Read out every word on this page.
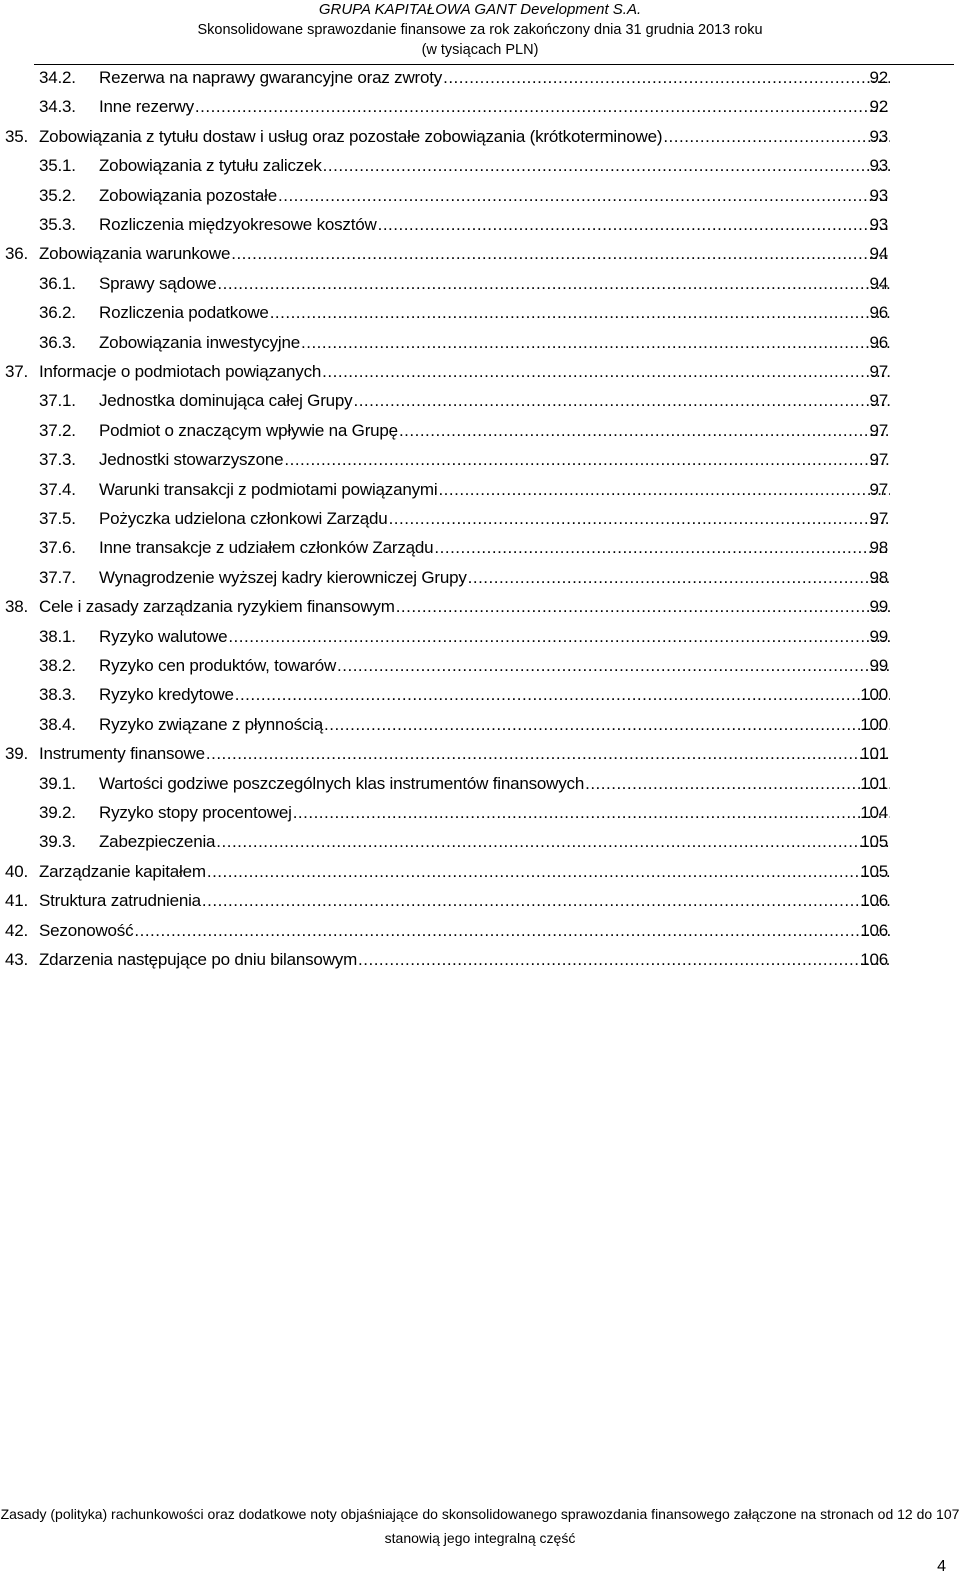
GRUPA KAPITAŁOWA GANT Development S.A.
Skonsolidowane sprawozdanie finansowe za rok zakończony dnia 31 grudnia 2013 roku
(w tysiącach PLN)
34.2. Rezerwa na naprawy gwarancyjne oraz zwroty .....	92
34.3. Inne rezerwy .....	92
35. Zobowiązania z tytułu dostaw i usług oraz pozostałe zobowiązania (krótkoterminowe) .....	93
35.1. Zobowiązania z tytułu zaliczek .....	93
35.2. Zobowiązania pozostałe .....	93
35.3. Rozliczenia międzyokresowe kosztów .....	93
36. Zobowiązania warunkowe .....	94
36.1. Sprawy sądowe .....	94
36.2. Rozliczenia podatkowe .....	96
36.3. Zobowiązania inwestycyjne .....	96
37. Informacje o podmiotach powiązanych .....	97
37.1. Jednostka dominująca całej Grupy .....	97
37.2. Podmiot o znaczącym wpływie na Grupę .....	97
37.3. Jednostki stowarzyszone .....	97
37.4. Warunki transakcji z podmiotami powiązanymi .....	97
37.5. Pożyczka udzielona członkowi Zarządu .....	97
37.6. Inne transakcje z udziałem członków Zarządu .....	98
37.7. Wynagrodzenie wyższej kadry kierowniczej Grupy .....	98
38. Cele i zasady zarządzania ryzykiem finansowym .....	99
38.1. Ryzyko walutowe .....	99
38.2. Ryzyko cen produktów, towarów .....	99
38.3. Ryzyko kredytowe .....	100
38.4. Ryzyko związane z płynnością .....	100
39. Instrumenty finansowe .....	101
39.1. Wartości godziwe poszczególnych klas instrumentów finansowych .....	101
39.2. Ryzyko stopy procentowej .....	104
39.3. Zabezpieczenia .....	105
40. Zarządzanie kapitałem .....	105
41. Struktura zatrudnienia .....	106
42. Sezonowość .....	106
43. Zdarzenia następujące po dniu bilansowym .....	106
Zasady (polityka) rachunkowości oraz dodatkowe noty objaśniające do skonsolidowanego sprawozdania finansowego załączone na stronach od 12 do 107
stanowią jego integralną część
4
